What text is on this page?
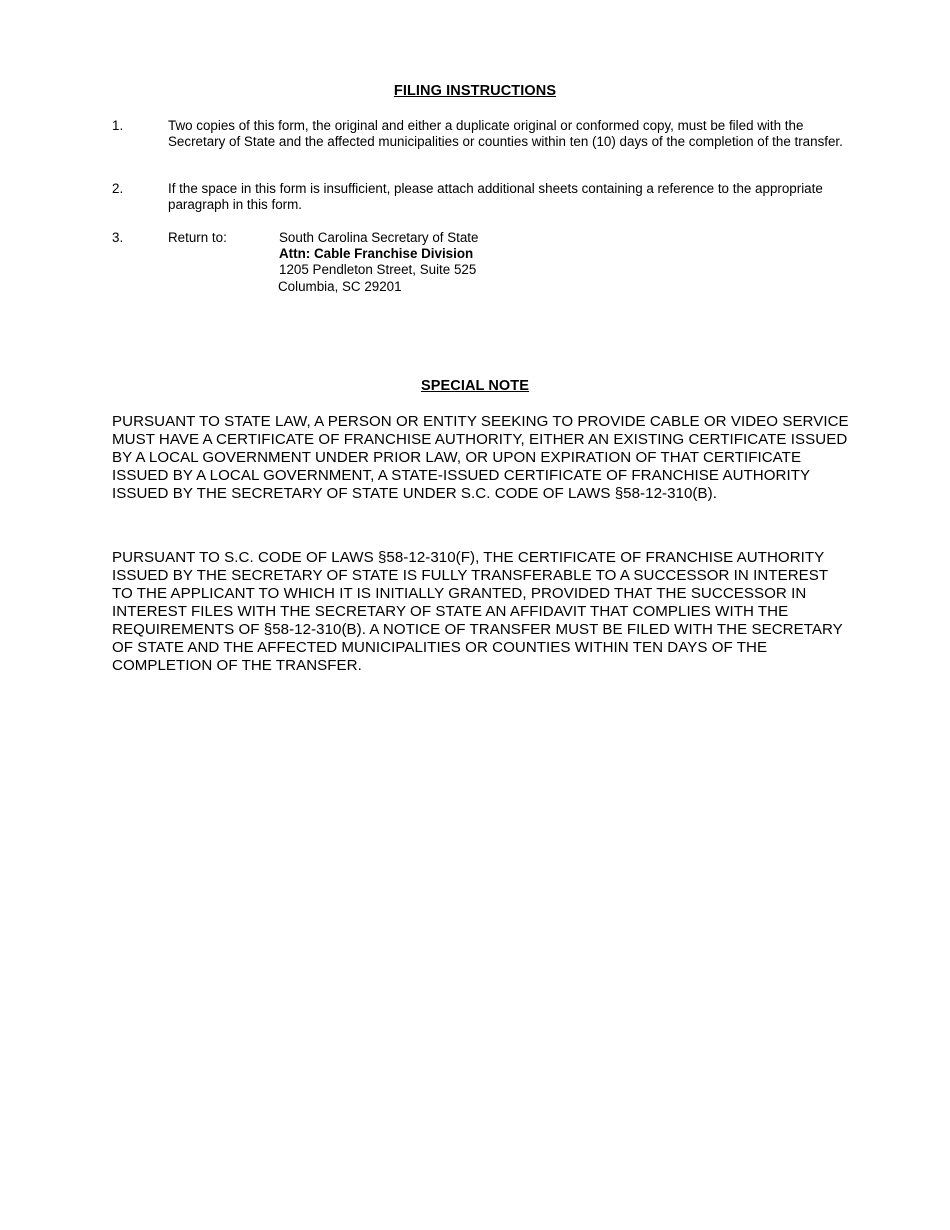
FILING INSTRUCTIONS
1.	Two copies of this form, the original and either a duplicate original or conformed copy, must be filed with the Secretary of State and the affected municipalities or counties within ten (10) days of the completion of the transfer.
2.	If the space in this form is insufficient, please attach additional sheets containing a reference to the appropriate paragraph in this form.
3.	Return to:	South Carolina Secretary of State
Attn: Cable Franchise Division
1205 Pendleton Street, Suite 525
Columbia, SC 29201
SPECIAL NOTE
PURSUANT TO STATE LAW, A PERSON OR ENTITY SEEKING TO PROVIDE CABLE OR VIDEO SERVICE MUST HAVE A CERTIFICATE OF FRANCHISE AUTHORITY, EITHER AN EXISTING CERTIFICATE ISSUED BY A LOCAL GOVERNMENT UNDER PRIOR LAW, OR UPON EXPIRATION OF THAT CERTIFICATE ISSUED BY A LOCAL GOVERNMENT, A STATE-ISSUED CERTIFICATE OF FRANCHISE AUTHORITY ISSUED BY THE SECRETARY OF STATE UNDER S.C. CODE OF LAWS §58-12-310(B).
PURSUANT TO S.C. CODE OF LAWS §58-12-310(F), THE CERTIFICATE OF FRANCHISE AUTHORITY ISSUED BY THE SECRETARY OF STATE IS FULLY TRANSFERABLE TO A SUCCESSOR IN INTEREST TO THE APPLICANT TO WHICH IT IS INITIALLY GRANTED, PROVIDED THAT THE SUCCESSOR IN INTEREST FILES WITH THE SECRETARY OF STATE AN AFFIDAVIT THAT COMPLIES WITH THE REQUIREMENTS OF §58-12-310(B). A NOTICE OF TRANSFER MUST BE FILED WITH THE SECRETARY OF STATE AND THE AFFECTED MUNICIPALITIES OR COUNTIES WITHIN TEN DAYS OF THE COMPLETION OF THE TRANSFER.
